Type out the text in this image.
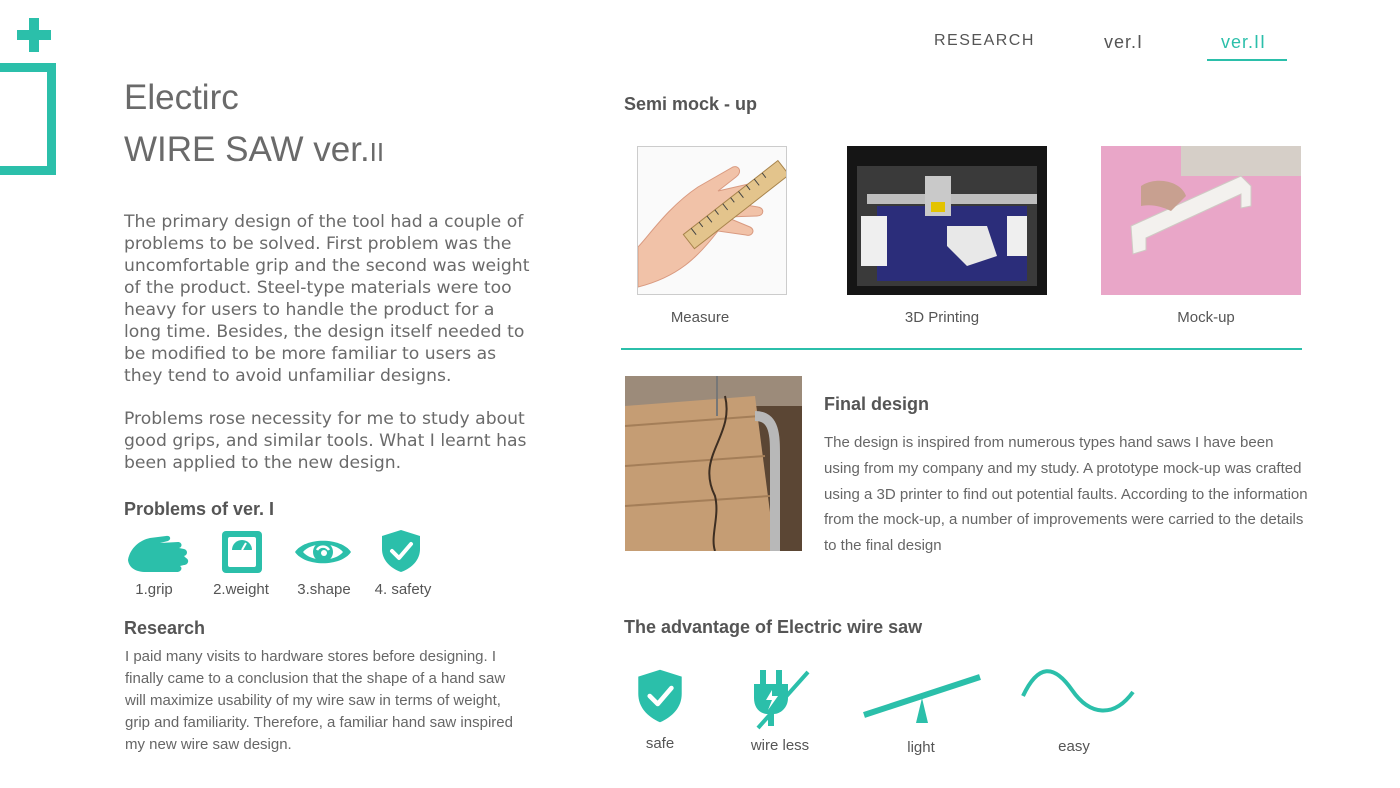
RESEARCH	ver.I	ver.II
Electirc
WIRE SAW ver.II
The primary design of the tool had a couple of problems to be solved. First problem was the uncomfortable grip and the second was weight of the product. Steel-type materials were too heavy for users to handle the product for a long time. Besides, the design itself needed to be modified to be more familiar to users as they tend to avoid unfamiliar designs.
Problems rose necessity for me to study about good grips, and similar tools. What I learnt has been applied to the new design.
Problems of ver. Ι
1.grip	2.weight	3.shape	4. safety
Research
I paid many visits to hardware stores before designing. I finally came to a conclusion that the shape of a hand saw will maximize usability of my wire saw in terms of weight, grip and familiarity. Therefore, a familiar hand saw inspired my new wire saw design.
Semi mock - up
Measure	3D Printing	Mock-up
Final design
The design is inspired from numerous types hand saws I have been using from my company and my study. A prototype mock-up was crafted using a 3D printer to find out potential faults. According to the information from the mock-up, a number of improvements were carried to the details to the final design
The advantage of Electric wire saw
safe	wire less	light	easy
